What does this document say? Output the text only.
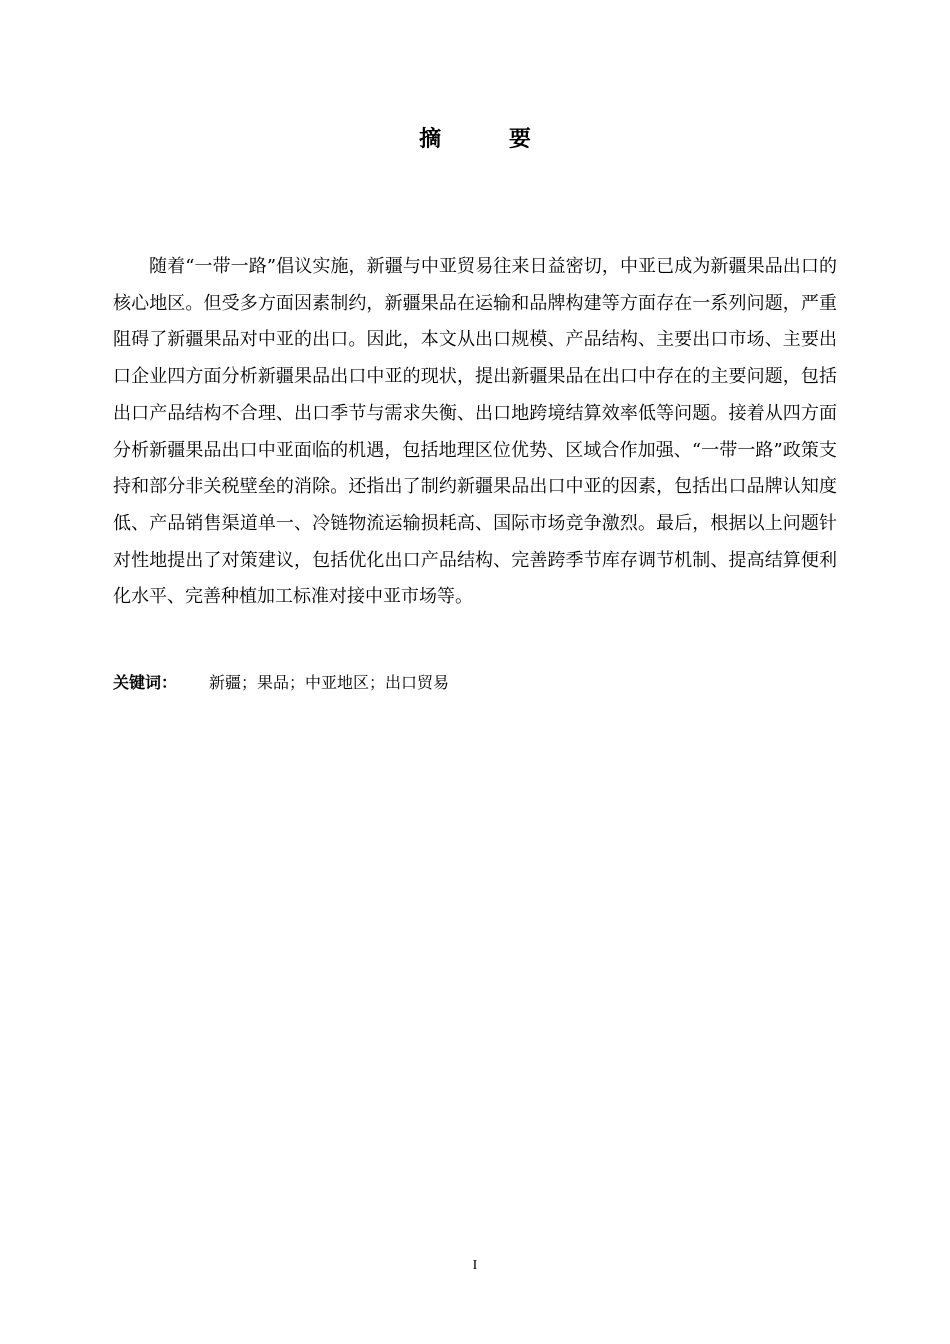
摘 要

随着“一带一路”倡议实施，新疆与中亚贸易往来日益密切，中亚已成为新疆果品出口的核心地区。但受多方面因素制约，新疆果品在运输和品牌构建等方面存在一系列问题，严重阻碍了新疆果品对中亚的出口。因此，本文从出口规模、产品结构、主要出口市场、主要出口企业四方面分析新疆果品出口中亚的现状，提出新疆果品在出口中存在的主要问题，包括出口产品结构不合理、出口季节与需求失衡、出口地跨境结算效率低等问题。接着从四方面分析新疆果品出口中亚面临的机遇，包括地理区位优势、区域合作加强、“一带一路”政策支持和部分非关税壁垒的消除。还指出了制约新疆果品出口中亚的因素，包括出口品牌认知度低、产品销售渠道单一、冷链物流运输损耗高、国际市场竞争激烈。最后，根据以上问题针对性地提出了对策建议，包括优化出口产品结构、完善跨季节库存调节机制、提高结算便利化水平、完善种植加工标准对接中亚市场等。

关键词： 新疆；果品；中亚地区；出口贸易
I
